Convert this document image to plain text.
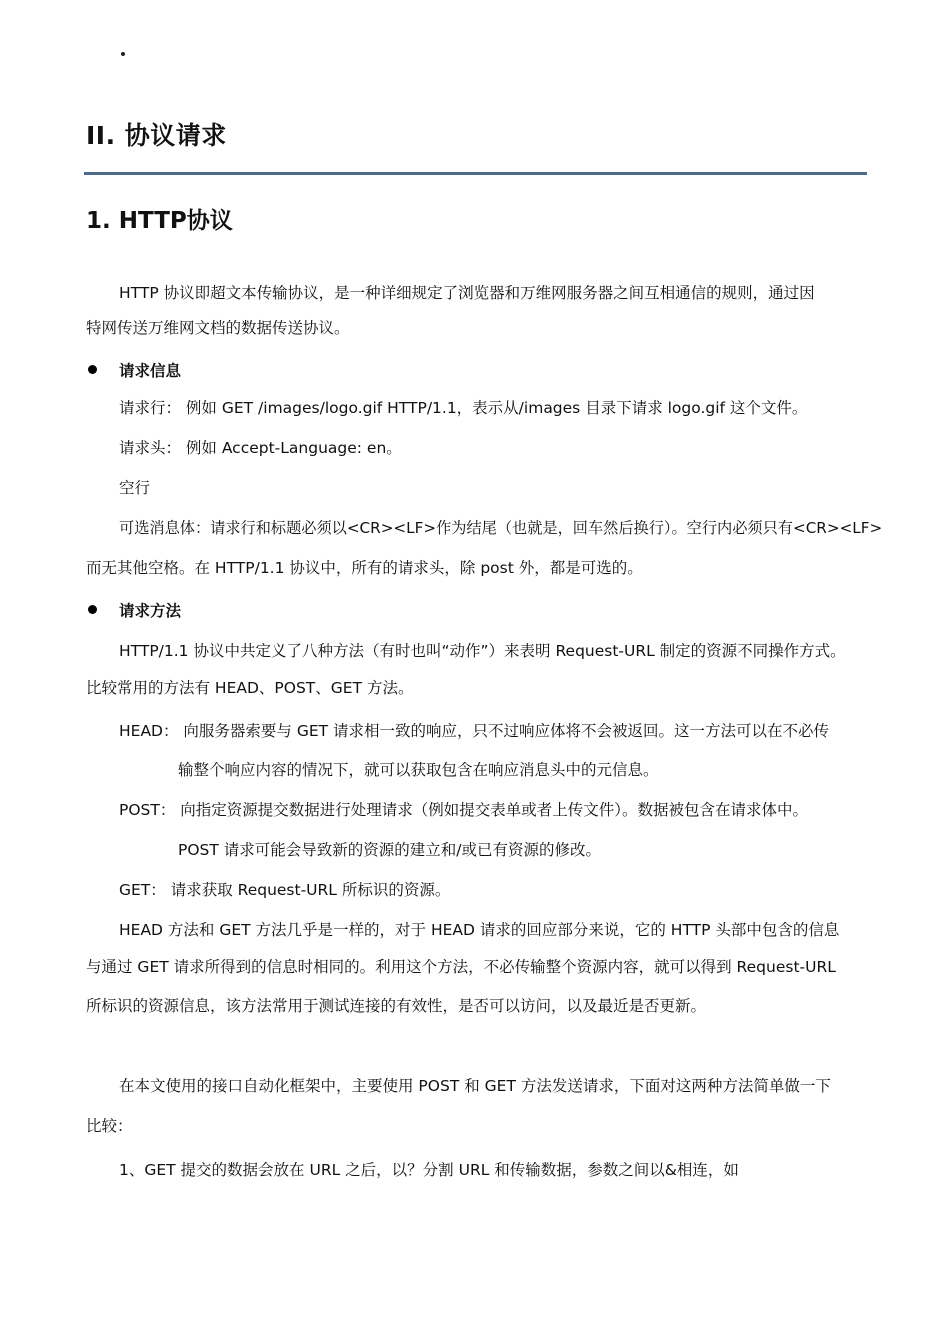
II. 协议请求
1. HTTP协议
HTTP 协议即超文本传输协议，是一种详细规定了浏览器和万维网服务器之间互相通信的规则，通过因
特网传送万维网文档的数据传送协议。
请求信息
请求行： 例如 GET /images/logo.gif HTTP/1.1，表示从/images 目录下请求 logo.gif 这个文件。
请求头： 例如 Accept-Language: en。
空行
可选消息体：请求行和标题必须以<CR><LF>作为结尾（也就是，回车然后换行）。空行内必须只有<CR><LF>
而无其他空格。在 HTTP/1.1 协议中，所有的请求头，除 post 外，都是可选的。
请求方法
HTTP/1.1 协议中共定义了八种方法（有时也叫“动作”）来表明 Request-URL 制定的资源不同操作方式。
比较常用的方法有 HEAD、POST、GET 方法。
HEAD： 向服务器索要与 GET 请求相一致的响应，只不过响应体将不会被返回。这一方法可以在不必传
输整个响应内容的情况下，就可以获取包含在响应消息头中的元信息。
POST： 向指定资源提交数据进行处理请求（例如提交表单或者上传文件）。数据被包含在请求体中。
POST 请求可能会导致新的资源的建立和/或已有资源的修改。
GET： 请求获取 Request-URL 所标识的资源。
HEAD 方法和 GET 方法几乎是一样的，对于 HEAD 请求的回应部分来说，它的 HTTP 头部中包含的信息
与通过 GET 请求所得到的信息时相同的。利用这个方法，不必传输整个资源内容，就可以得到 Request-URL
所标识的资源信息，该方法常用于测试连接的有效性，是否可以访问，以及最近是否更新。
在本文使用的接口自动化框架中，主要使用 POST 和 GET 方法发送请求，下面对这两种方法简单做一下
比较：
1、GET 提交的数据会放在 URL 之后，以？分割 URL 和传输数据，参数之间以&相连，如
